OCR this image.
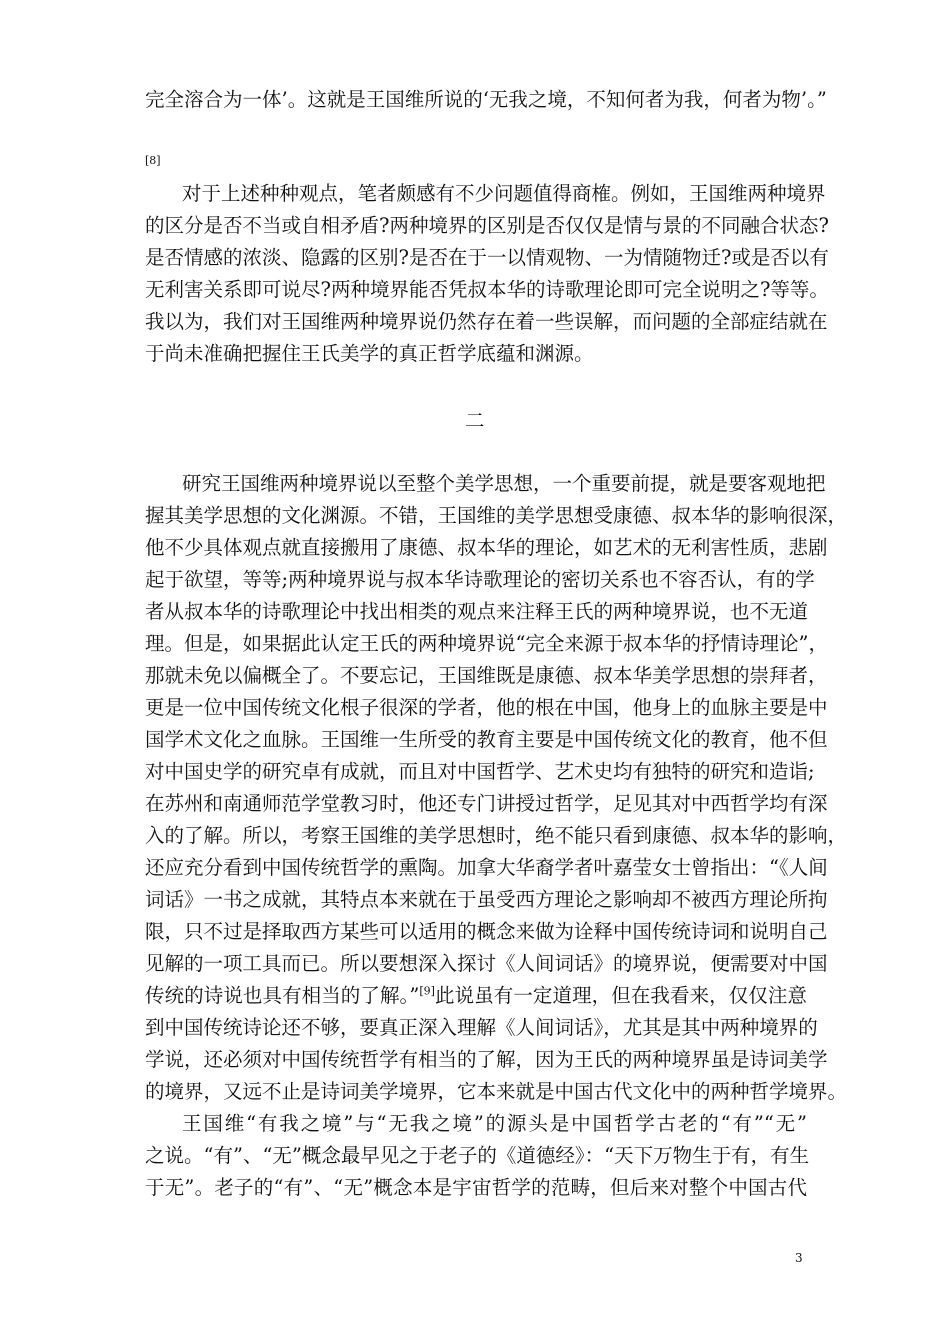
完全溶合为一体’。这就是王国维所说的‘无我之境，不知何者为我，何者为物’。”
[8]
对于上述种种观点，笔者颇感有不少问题值得商榷。例如，王国维两种境界
的区分是否不当或自相矛盾?两种境界的区别是否仅仅是情与景的不同融合状态?
是否情感的浓淡、隐露的区别?是否在于一以情观物、一为情随物迁?或是否以有
无利害关系即可说尽?两种境界能否凭叔本华的诗歌理论即可完全说明之?等等。
我以为，我们对王国维两种境界说仍然存在着一些误解，而问题的全部症结就在
于尚未准确把握住王氏美学的真正哲学底蕴和渊源。
二
研究王国维两种境界说以至整个美学思想，一个重要前提，就是要客观地把
握其美学思想的文化渊源。不错，王国维的美学思想受康德、叔本华的影响很深，
他不少具体观点就直接搬用了康德、叔本华的理论，如艺术的无利害性质，悲剧
起于欲望，等等;两种境界说与叔本华诗歌理论的密切关系也不容否认，有的学
者从叔本华的诗歌理论中找出相类的观点来注释王氏的两种境界说，也不无道
理。但是，如果据此认定王氏的两种境界说“完全来源于叔本华的抒情诗理论”，
那就未免以偏概全了。不要忘记，王国维既是康德、叔本华美学思想的崇拜者，
更是一位中国传统文化根子很深的学者，他的根在中国，他身上的血脉主要是中
国学术文化之血脉。王国维一生所受的教育主要是中国传统文化的教育，他不但
对中国史学的研究卓有成就，而且对中国哲学、艺术史均有独特的研究和造诣;
在苏州和南通师范学堂教习时，他还专门讲授过哲学，足见其对中西哲学均有深
入的了解。所以，考察王国维的美学思想时，绝不能只看到康德、叔本华的影响，
还应充分看到中国传统哲学的熏陶。加拿大华裔学者叶嘉莹女士曾指出：“《人间
词话》一书之成就，其特点本来就在于虽受西方理论之影响却不被西方理论所拘
限，只不过是择取西方某些可以适用的概念来做为诠释中国传统诗词和说明自己
见解的一项工具而已。所以要想深入探讨《人间词话》的境界说，便需要对中国
传统的诗说也具有相当的了解。”[9]此说虽有一定道理，但在我看来，仅仅注意
到中国传统诗论还不够，要真正深入理解《人间词话》，尤其是其中两种境界的
学说，还必须对中国传统哲学有相当的了解，因为王氏的两种境界虽是诗词美学
的境界，又远不止是诗词美学境界，它本来就是中国古代文化中的两种哲学境界。
王国维“有我之境”与“无我之境”的源头是中国哲学古老的“有”“无”
之说。“有”、“无”概念最早见之于老子的《道德经》：“天下万物生于有，有生
于无”。老子的“有”、“无”概念本是宇宙哲学的范畴，但后来对整个中国古代
3
